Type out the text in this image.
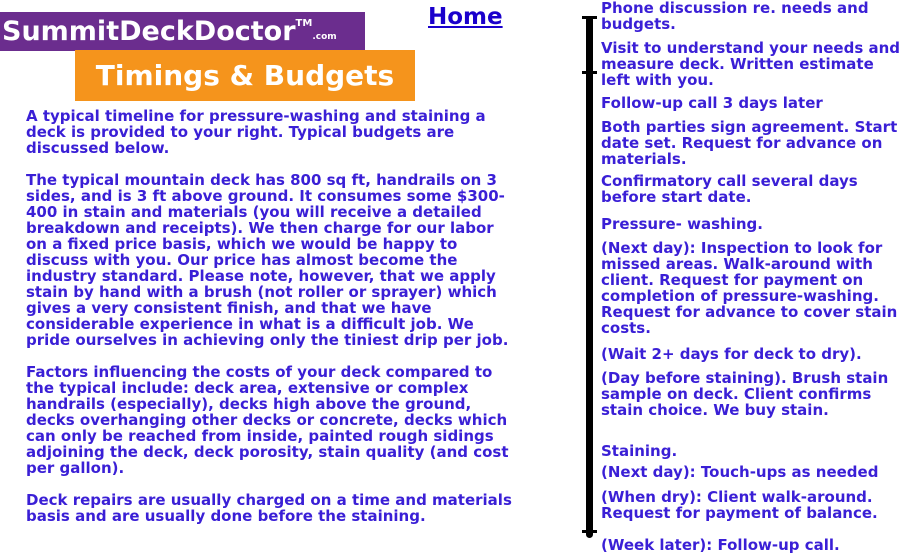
SummitDeckDoctor™.com
Home
Timings & Budgets

A typical timeline for pressure-washing and staining a deck is provided to your right. Typical budgets are discussed below.

The typical mountain deck has 800 sq ft, handrails on 3 sides, and is 3 ft above ground. It consumes some $300-400 in stain and materials (you will receive a detailed breakdown and receipts). We then charge for our labor on a fixed price basis, which we would be happy to discuss with you. Our price has almost become the industry standard. Please note, however, that we apply stain by hand with a brush (not roller or sprayer) which gives a very consistent finish, and that we have considerable experience in what is a difficult job. We pride ourselves in achieving only the tiniest drip per job.

Factors influencing the costs of your deck compared to the typical include: deck area, extensive or complex handrails (especially), decks high above the ground, decks overhanging other decks or concrete, decks which can only be reached from inside, painted rough sidings adjoining the deck, deck porosity, stain quality (and cost per gallon).

Deck repairs are usually charged on a time and materials basis and are usually done before the staining.

Phone discussion re. needs and budgets.
Visit to understand your needs and measure deck. Written estimate left with you.
Follow-up call 3 days later
Both parties sign agreement. Start date set. Request for advance on materials.
Confirmatory call several days before start date.
Pressure- washing.
(Next day): Inspection to look for missed areas. Walk-around with client. Request for payment on completion of pressure-washing. Request for advance to cover stain costs.
(Wait 2+ days for deck to dry).
(Day before staining). Brush stain sample on deck. Client confirms stain choice. We buy stain.
Staining.
(Next day): Touch-ups as needed
(When dry): Client walk-around. Request for payment of balance.
(Week later): Follow-up call.
